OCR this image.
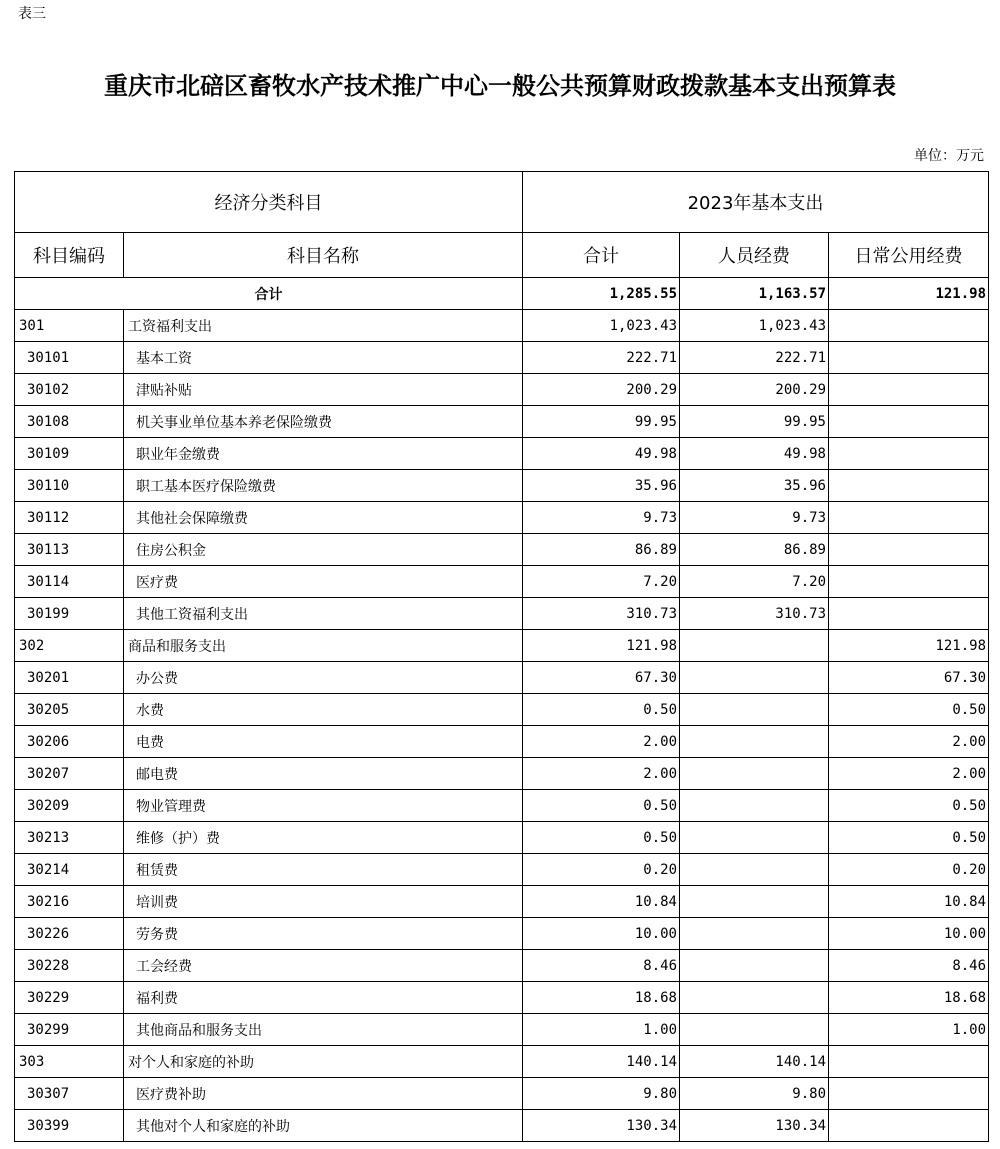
表三
重庆市北碚区畜牧水产技术推广中心一般公共预算财政拨款基本支出预算表
单位：万元
经济分类科目		2023年基本支出		
科目编码	科目名称	合计	人员经费	日常公用经费
合计		1,285.55	1,163.57	121.98
301	工资福利支出	1,023.43	1,023.43	
30101	基本工资	222.71	222.71	
30102	津贴补贴	200.29	200.29	
30108	机关事业单位基本养老保险缴费	99.95	99.95	
30109	职业年金缴费	49.98	49.98	
30110	职工基本医疗保险缴费	35.96	35.96	
30112	其他社会保障缴费	9.73	9.73	
30113	住房公积金	86.89	86.89	
30114	医疗费	7.20	7.20	
30199	其他工资福利支出	310.73	310.73	
302	商品和服务支出	121.98		121.98
30201	办公费	67.30		67.30
30205	水费	0.50		0.50
30206	电费	2.00		2.00
30207	邮电费	2.00		2.00
30209	物业管理费	0.50		0.50
30213	维修（护）费	0.50		0.50
30214	租赁费	0.20		0.20
30216	培训费	10.84		10.84
30226	劳务费	10.00		10.00
30228	工会经费	8.46		8.46
30229	福利费	18.68		18.68
30299	其他商品和服务支出	1.00		1.00
303	对个人和家庭的补助	140.14	140.14	
30307	医疗费补助	9.80	9.80	
30399	其他对个人和家庭的补助	130.34	130.34	
